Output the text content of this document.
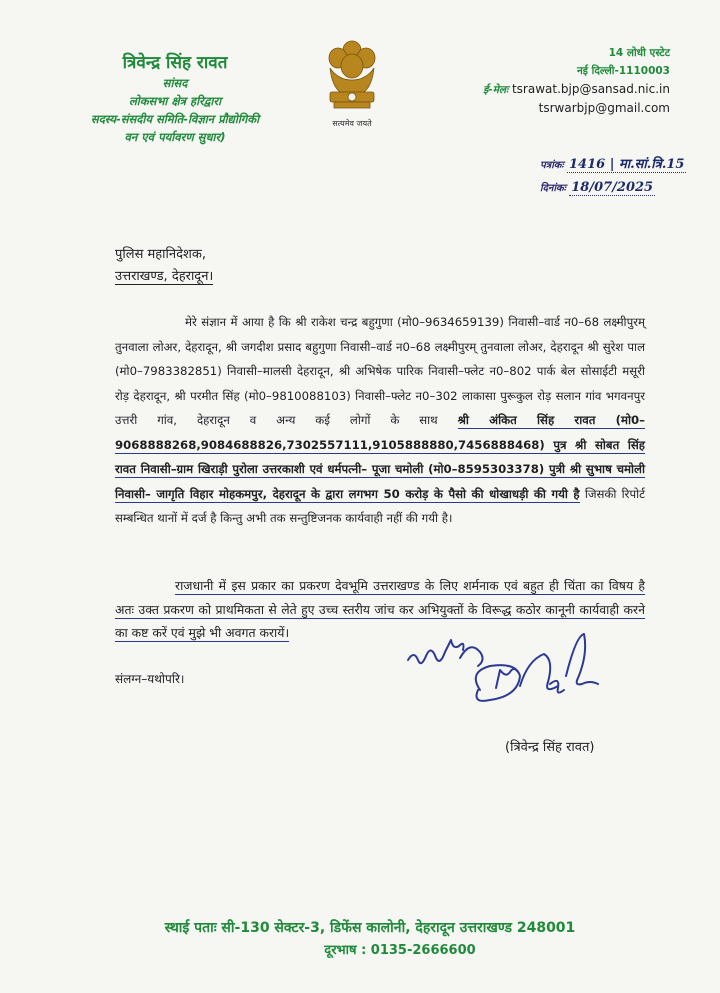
त्रिवेन्द्र सिंह रावत
सांसद
लोकसभा क्षेत्र हरिद्वारा
सदस्य-संसदीय समिति-विज्ञान प्रौद्योगिकी
वन एवं पर्यावरण सुधार)
सत्यमेव जयते
14 लोधी एस्टेट
नई दिल्ली-1110003
ई-मेलः tsrawat.bjp@sansad.nic.in
tsrwarbjp@gmail.com
पत्रांकः 1416 | मा.सां.त्रि.15
दिनांकः 18/07/2025
पुलिस महानिदेशक,
उत्तराखण्ड, देहरादून।
मेरे संज्ञान में आया है कि श्री राकेश चन्द्र बहुगुणा (मो0–9634659139) निवासी–वार्ड न0–68 लक्ष्मीपुरम् तुनवाला लोअर, देहरादून, श्री जगदीश प्रसाद बहुगुणा निवासी–वार्ड न0–68 लक्ष्मीपुरम् तुनवाला लोअर, देहरादून श्री सुरेश पाल (मो0–7983382851) निवासी–मालसी देहरादून, श्री अभिषेक पारिक निवासी–फ्लेट न0–802 पार्क बेल सोसाईटी मसूरी रोड़ देहरादून, श्री परमीत सिंह (मो0–9810088103) निवासी–फ्लेट न0–302 लाकासा पुरूकुल रोड़ सलान गांव भगवनपुर उत्तरी गांव, देहरादून व अन्य कई लोगों के साथ श्री अंकित सिंह रावत (मो0–9068888268,9084688826,7302557111,9105888880,7456888468) पुत्र श्री सोबत सिंह रावत निवासी–ग्राम खिराड़ी पुरोला उत्तरकाशी एवं धर्मपत्नी– पूजा चमोली (मो0–8595303378) पुत्री श्री सुभाष चमोली निवासी– जागृति विहार मोहकमपुर, देहरादून के द्वारा लगभग 50 करोड़ के पैसो की धोखाधड़ी की गयी है जिसकी रिपोर्ट सम्बन्धित थानों में दर्ज है किन्तु अभी तक सन्तुष्टिजनक कार्यवाही नहीं की गयी है।
राजधानी में इस प्रकार का प्रकरण देवभूमि उत्तराखण्ड के लिए शर्मनाक एवं बहुत ही चिंता का विषय है अतः उक्त प्रकरण को प्राथमिकता से लेते हुए उच्च स्तरीय जांच कर अभियुक्तों के विरूद्ध कठोर कानूनी कार्यवाही करने का कष्ट करें एवं मुझे भी अवगत करायें।
संलग्न–यथोपरि।
(त्रिवेन्द्र सिंह रावत)
स्थाई पताः सी-130 सेक्टर-3, डिफेंस कालोनी, देहरादून उत्तराखण्ड 248001
दूरभाष : 0135-2666600
